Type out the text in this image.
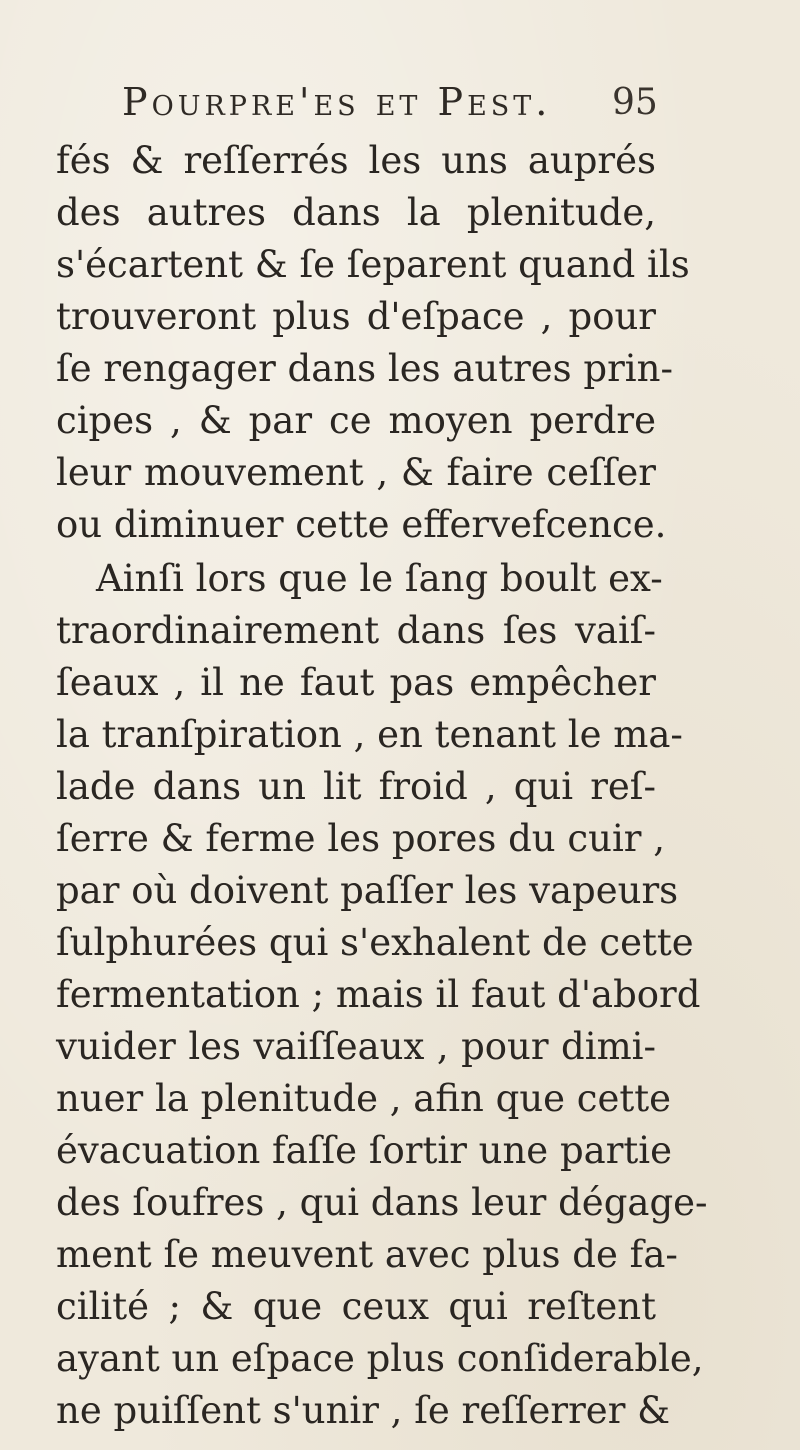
Pourpre'es et Pest. 95
fés & reſſerrés les uns auprés
des autres dans la plenitude,
s'écartent & ſe ſeparent quand ils
trouveront plus d'eſpace , pour
ſe rengager dans les autres prin-
cipes , & par ce moyen perdre
leur mouvement , & faire ceſſer
ou diminuer cette effervefcence.
Ainſi lors que le ſang boult ex-
traordinairement dans ſes vaiſ-
ſeaux , il ne faut pas empêcher
la tranſpiration , en tenant le ma-
lade dans un lit froid , qui reſ-
ſerre & ferme les pores du cuir ,
par où doivent paſſer les vapeurs
ſulphurées qui s'exhalent de cette
fermentation ; mais il faut d'abord
vuider les vaiſſeaux , pour dimi-
nuer la plenitude , afin que cette
évacuation faſſe ſortir une partie
des ſoufres , qui dans leur dégage-
ment ſe meuvent avec plus de fa-
cilité ; & que ceux qui reſtent
ayant un eſpace plus conſiderable,
ne puiſſent s'unir , ſe reſſerrer &
